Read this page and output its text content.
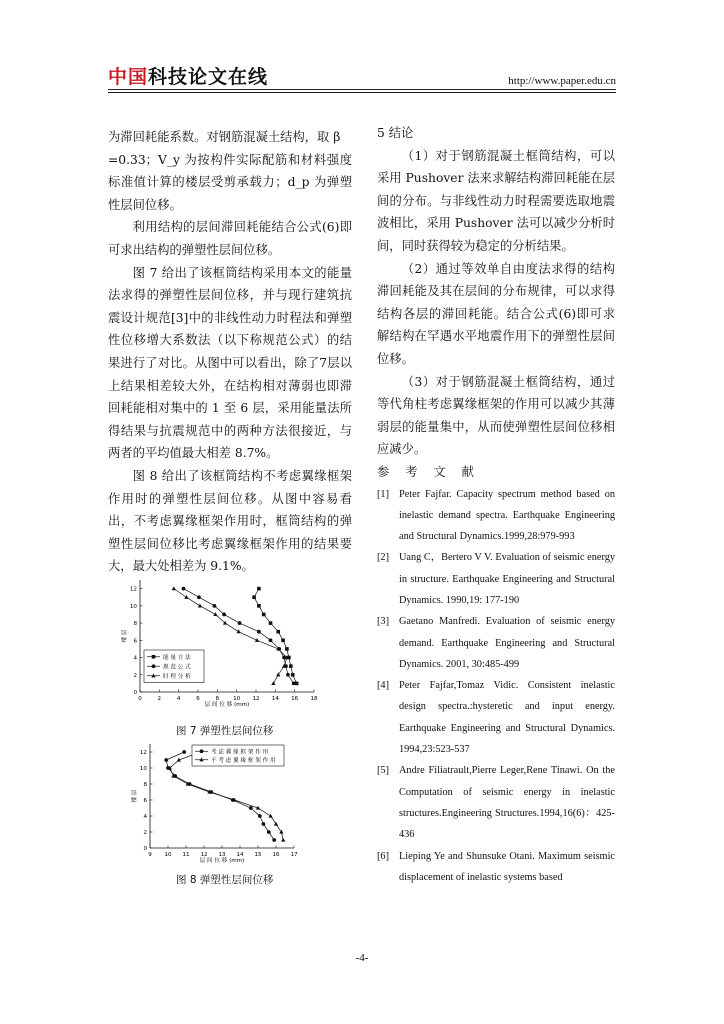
中国科技论文在线	http://www.paper.edu.cn

为滞回耗能系数。对钢筋混凝土结构，取 β

=0.33；V_y 为按构件实际配筋和材料强度标准值计算的楼层受剪承载力；d_p 为弹塑性层间位移。

利用结构的层间滞回耗能结合公式(6)即可求出结构的弹塑性层间位移。

图 7 给出了该框筒结构采用本文的能量法求得的弹塑性层间位移，并与现行建筑抗震设计规范[3]中的非线性动力时程法和弹塑性位移增大系数法（以下称规范公式）的结果进行了对比。从图中可以看出，除了7层以上结果相差较大外，在结构相对薄弱也即滞回耗能相对集中的 1 至 6 层，采用能量法所得结果与抗震规范中的两种方法很接近，与两者的平均值最大相差 8.7%。

图 8 给出了该框筒结构不考虑翼缘框架作用时的弹塑性层间位移。从图中容易看出，不考虑翼缘框架作用时，框筒结构的弹塑性层间位移比考虑翼缘框架作用的结果要大，最大处相差为 9.1%。

0	2	4	6	8 10 12 14 16 18
0
2
4
6
8
10
12
层 间 位 移 (mm)
楼 层
能 量 方 法
规 范 公 式
时 程 分 析
图 7 弹塑性层间位移
9 10 11 12 13 14 15 16 17
0
2
4
6
8
10
12
层 间 位 移 (mm)
楼 层
考 虑 翼 缘 框 架 作 用
不 考 虑 翼 缘 框 架 作 用
图 8 弹塑性层间位移

5 结论

（1）对于钢筋混凝土框筒结构，可以采用 Pushover 法来求解结构滞回耗能在层间的分布。与非线性动力时程需要选取地震波相比，采用 Pushover 法可以减少分析时间，同时获得较为稳定的分析结果。

（2）通过等效单自由度法求得的结构滞回耗能及其在层间的分布规律，可以求得结构各层的滞回耗能。结合公式(6)即可求解结构在罕遇水平地震作用下的弹塑性层间位移。

（3）对于钢筋混凝土框筒结构，通过等代角柱考虑翼缘框架的作用可以减少其薄弱层的能量集中，从而使弹塑性层间位移相应减少。

参 考 文 献

[1] Peter Fajfar. Capacity spectrum method based on inelastic demand spectra. Earthquake Engineering and Structural Dynamics.1999,28:979-993
[2] Uang C，Bertero V V. Evaluation of seismic energy in structure. Earthquake Engineering and Structural Dynamics. 1990,19: 177-190
[3] Gaetano Manfredi. Evaluation of seismic energy demand. Earthquake Engineering and Structural Dynamics. 2001, 30:485-499
[4] Peter Fajfar,Tomaz Vidic. Consistent inelastic design spectra.:hysteretic and input energy. Earthquake Engineering and Structural Dynamics. 1994,23:523-537
[5] Andre Filiatrault,Pierre Leger,Rene Tinawi. On the Computation of seismic energy in inelastic structures.Engineering Structures.1994,16(6)：425-436
[6] Lieping Ye and Shunsuke Otani. Maximum seismic displacement of inelastic systems based
-4-
